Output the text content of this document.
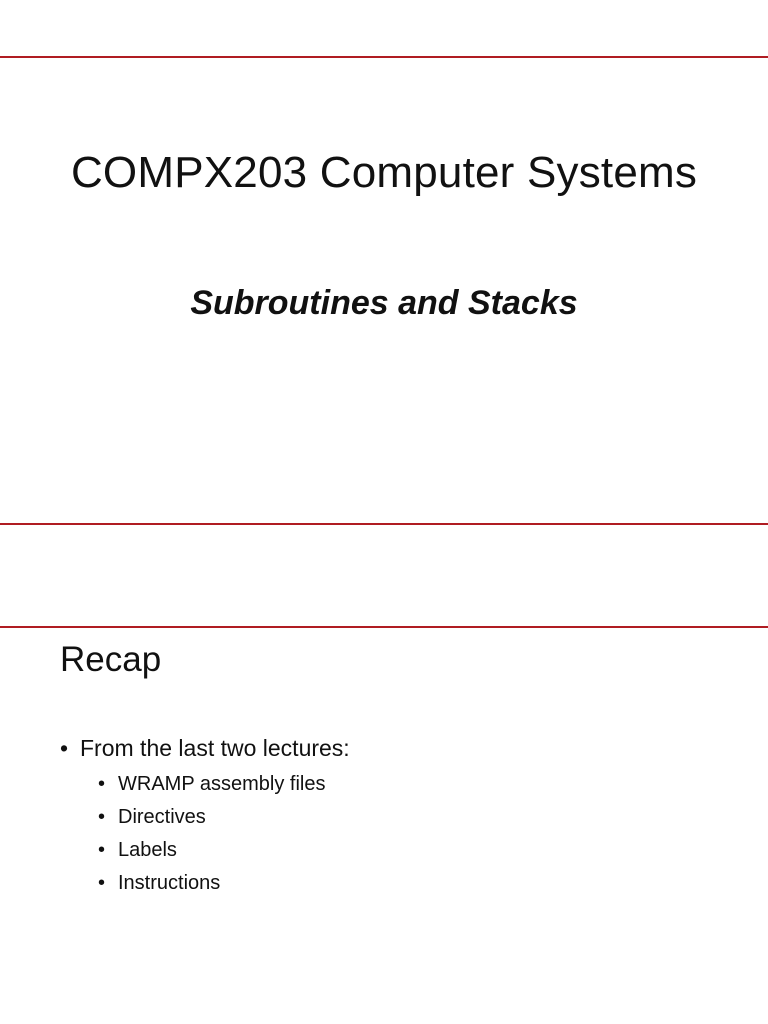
COMPX203 Computer Systems
Subroutines and Stacks
Recap
• From the last two lectures:
• WRAMP assembly files
• Directives
• Labels
• Instructions
